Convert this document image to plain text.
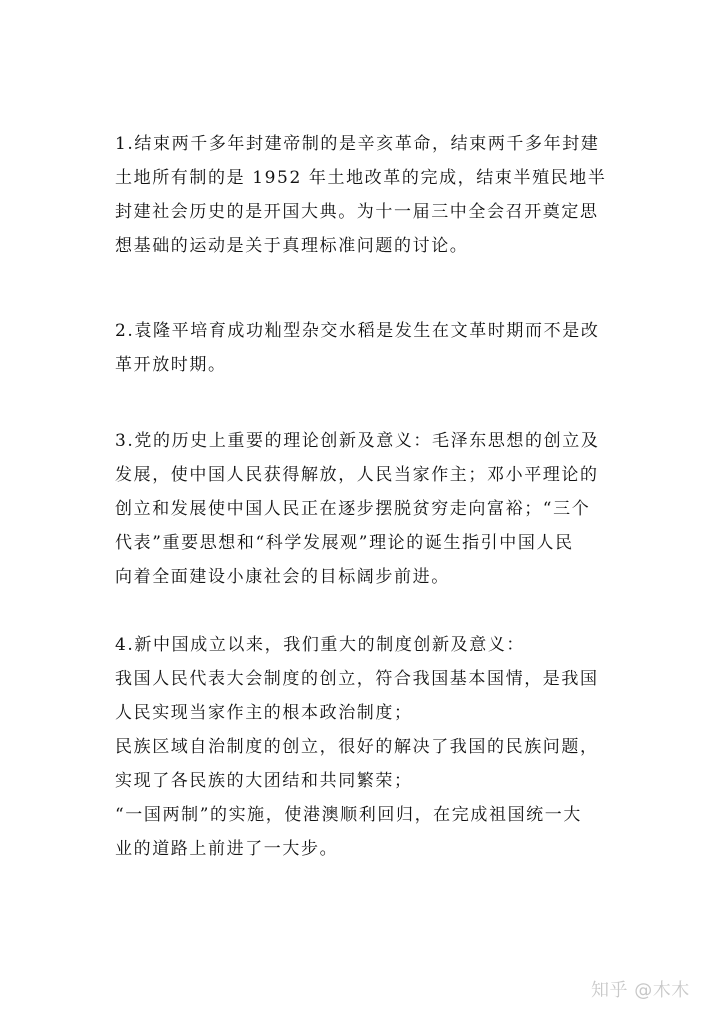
1.结束两千多年封建帝制的是辛亥革命，结束两千多年封建
土地所有制的是 1952 年土地改革的完成，结束半殖民地半
封建社会历史的是开国大典。为十一届三中全会召开奠定思
想基础的运动是关于真理标准问题的讨论。
2.袁隆平培育成功籼型杂交水稻是发生在文革时期而不是改
革开放时期。
3.党的历史上重要的理论创新及意义：毛泽东思想的创立及
发展，使中国人民获得解放，人民当家作主；邓小平理论的
创立和发展使中国人民正在逐步摆脱贫穷走向富裕；“三个
代表”重要思想和“科学发展观”理论的诞生指引中国人民
向着全面建设小康社会的目标阔步前进。
4.新中国成立以来，我们重大的制度创新及意义：
我国人民代表大会制度的创立，符合我国基本国情，是我国
人民实现当家作主的根本政治制度；
民族区域自治制度的创立，很好的解决了我国的民族问题，
实现了各民族的大团结和共同繁荣；
“一国两制”的实施，使港澳顺利回归，在完成祖国统一大
业的道路上前进了一大步。
知乎 @木木
